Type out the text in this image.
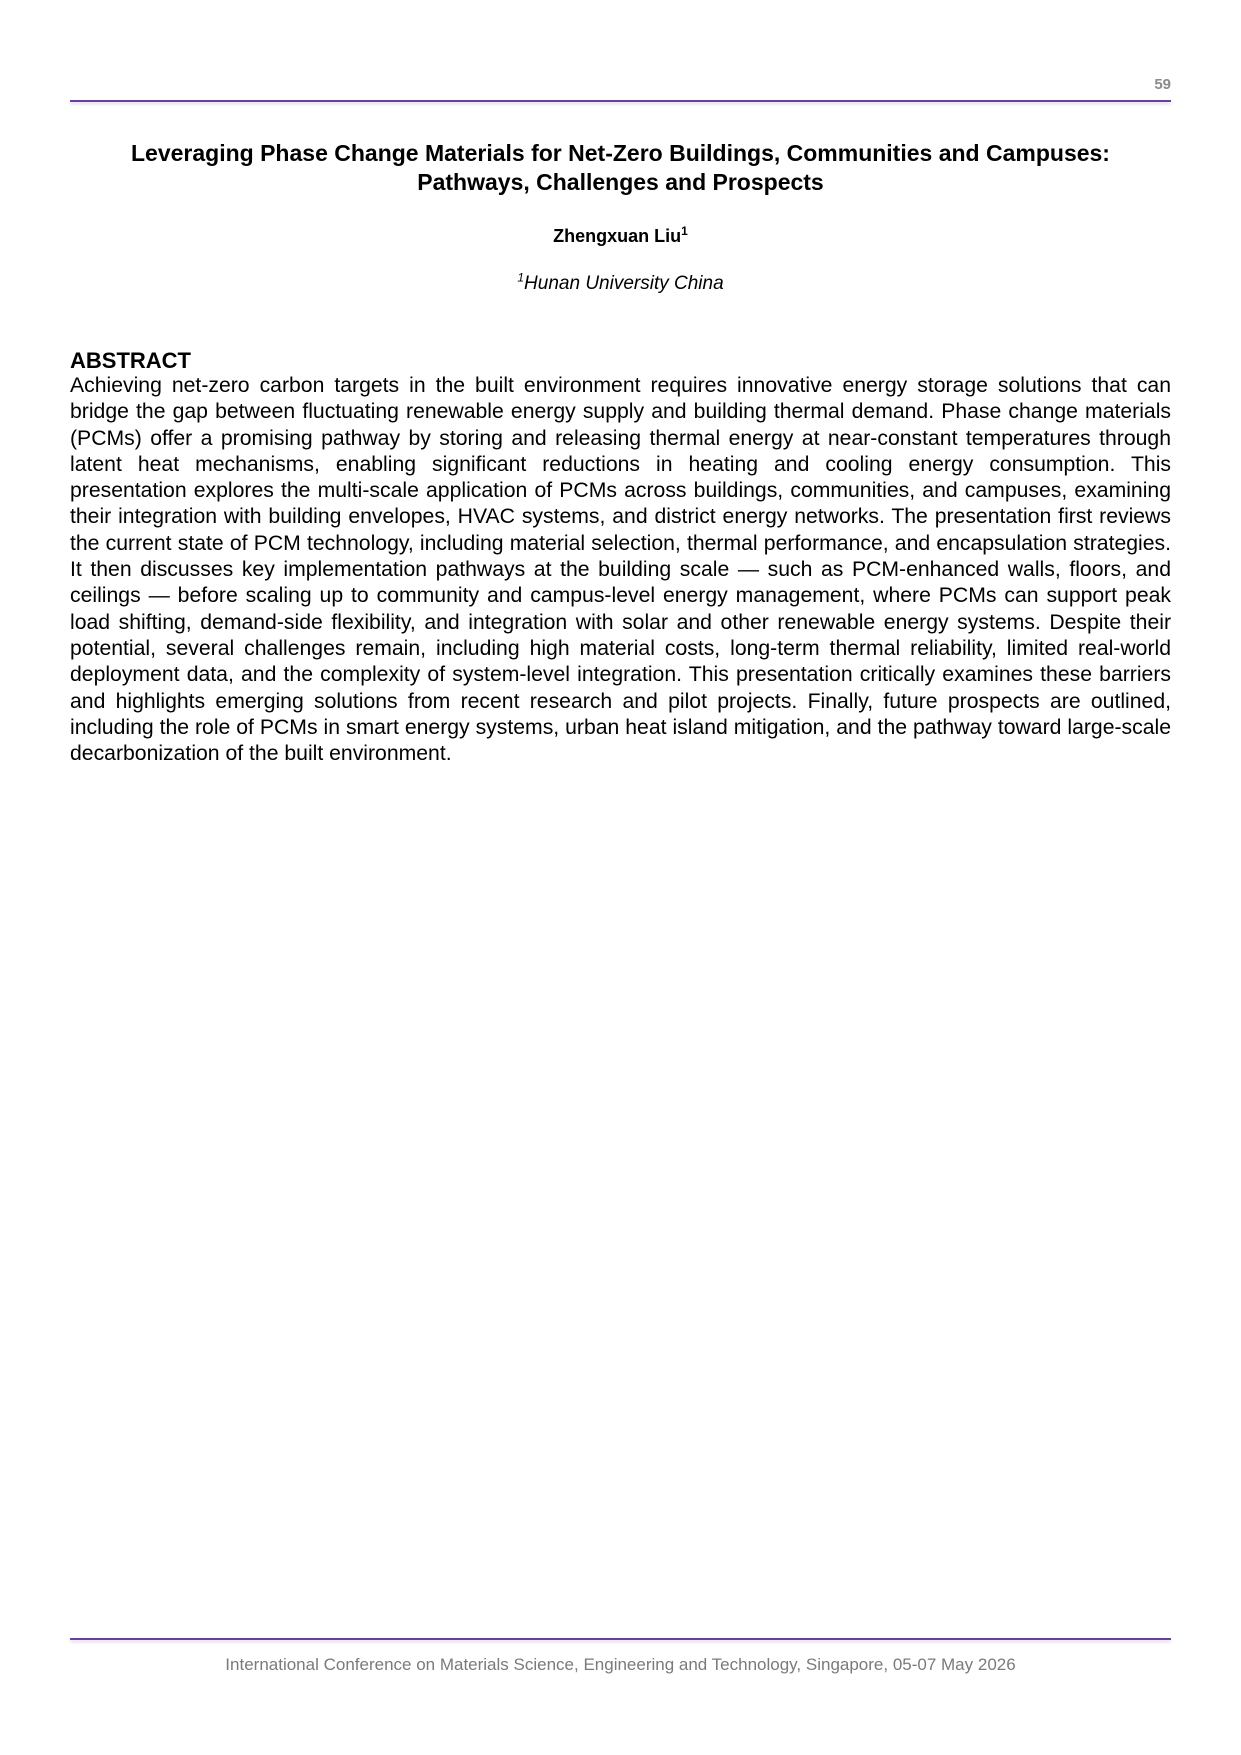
59
Leveraging Phase Change Materials for Net-Zero Buildings, Communities and Campuses:
Pathways, Challenges and Prospects
Zhengxuan Liu$^1$
$^1$Hunan University China
ABSTRACT

Achieving net-zero carbon targets in the built environment requires innovative energy storage solutions that can bridge the gap between fluctuating renewable energy supply and building thermal demand. Phase change materials (PCMs) offer a promising pathway by storing and releasing thermal energy at near-constant temperatures through latent heat mechanisms, enabling significant reductions in heating and cooling energy consumption. This presentation explores the multi-scale application of PCMs across buildings, communities, and campuses, examining their integration with building envelopes, HVAC systems, and district energy networks. The presentation first reviews the current state of PCM technology, including material selection, thermal performance, and encapsulation strategies. It then discusses key implementation pathways at the building scale — such as PCM-enhanced walls, floors, and ceilings — before scaling up to community and campus-level energy management, where PCMs can support peak load shifting, demand-side flexibility, and integration with solar and other renewable energy systems. Despite their potential, several challenges remain, including high material costs, long-term thermal reliability, limited real-world deployment data, and the complexity of system-level integration. This presentation critically examines these barriers and highlights emerging solutions from recent research and pilot projects. Finally, future prospects are outlined, including the role of PCMs in smart energy systems, urban heat island mitigation, and the pathway toward large-scale decarbonization of the built environment.

International Conference on Materials Science, Engineering and Technology, Singapore, 05-07 May 2026
